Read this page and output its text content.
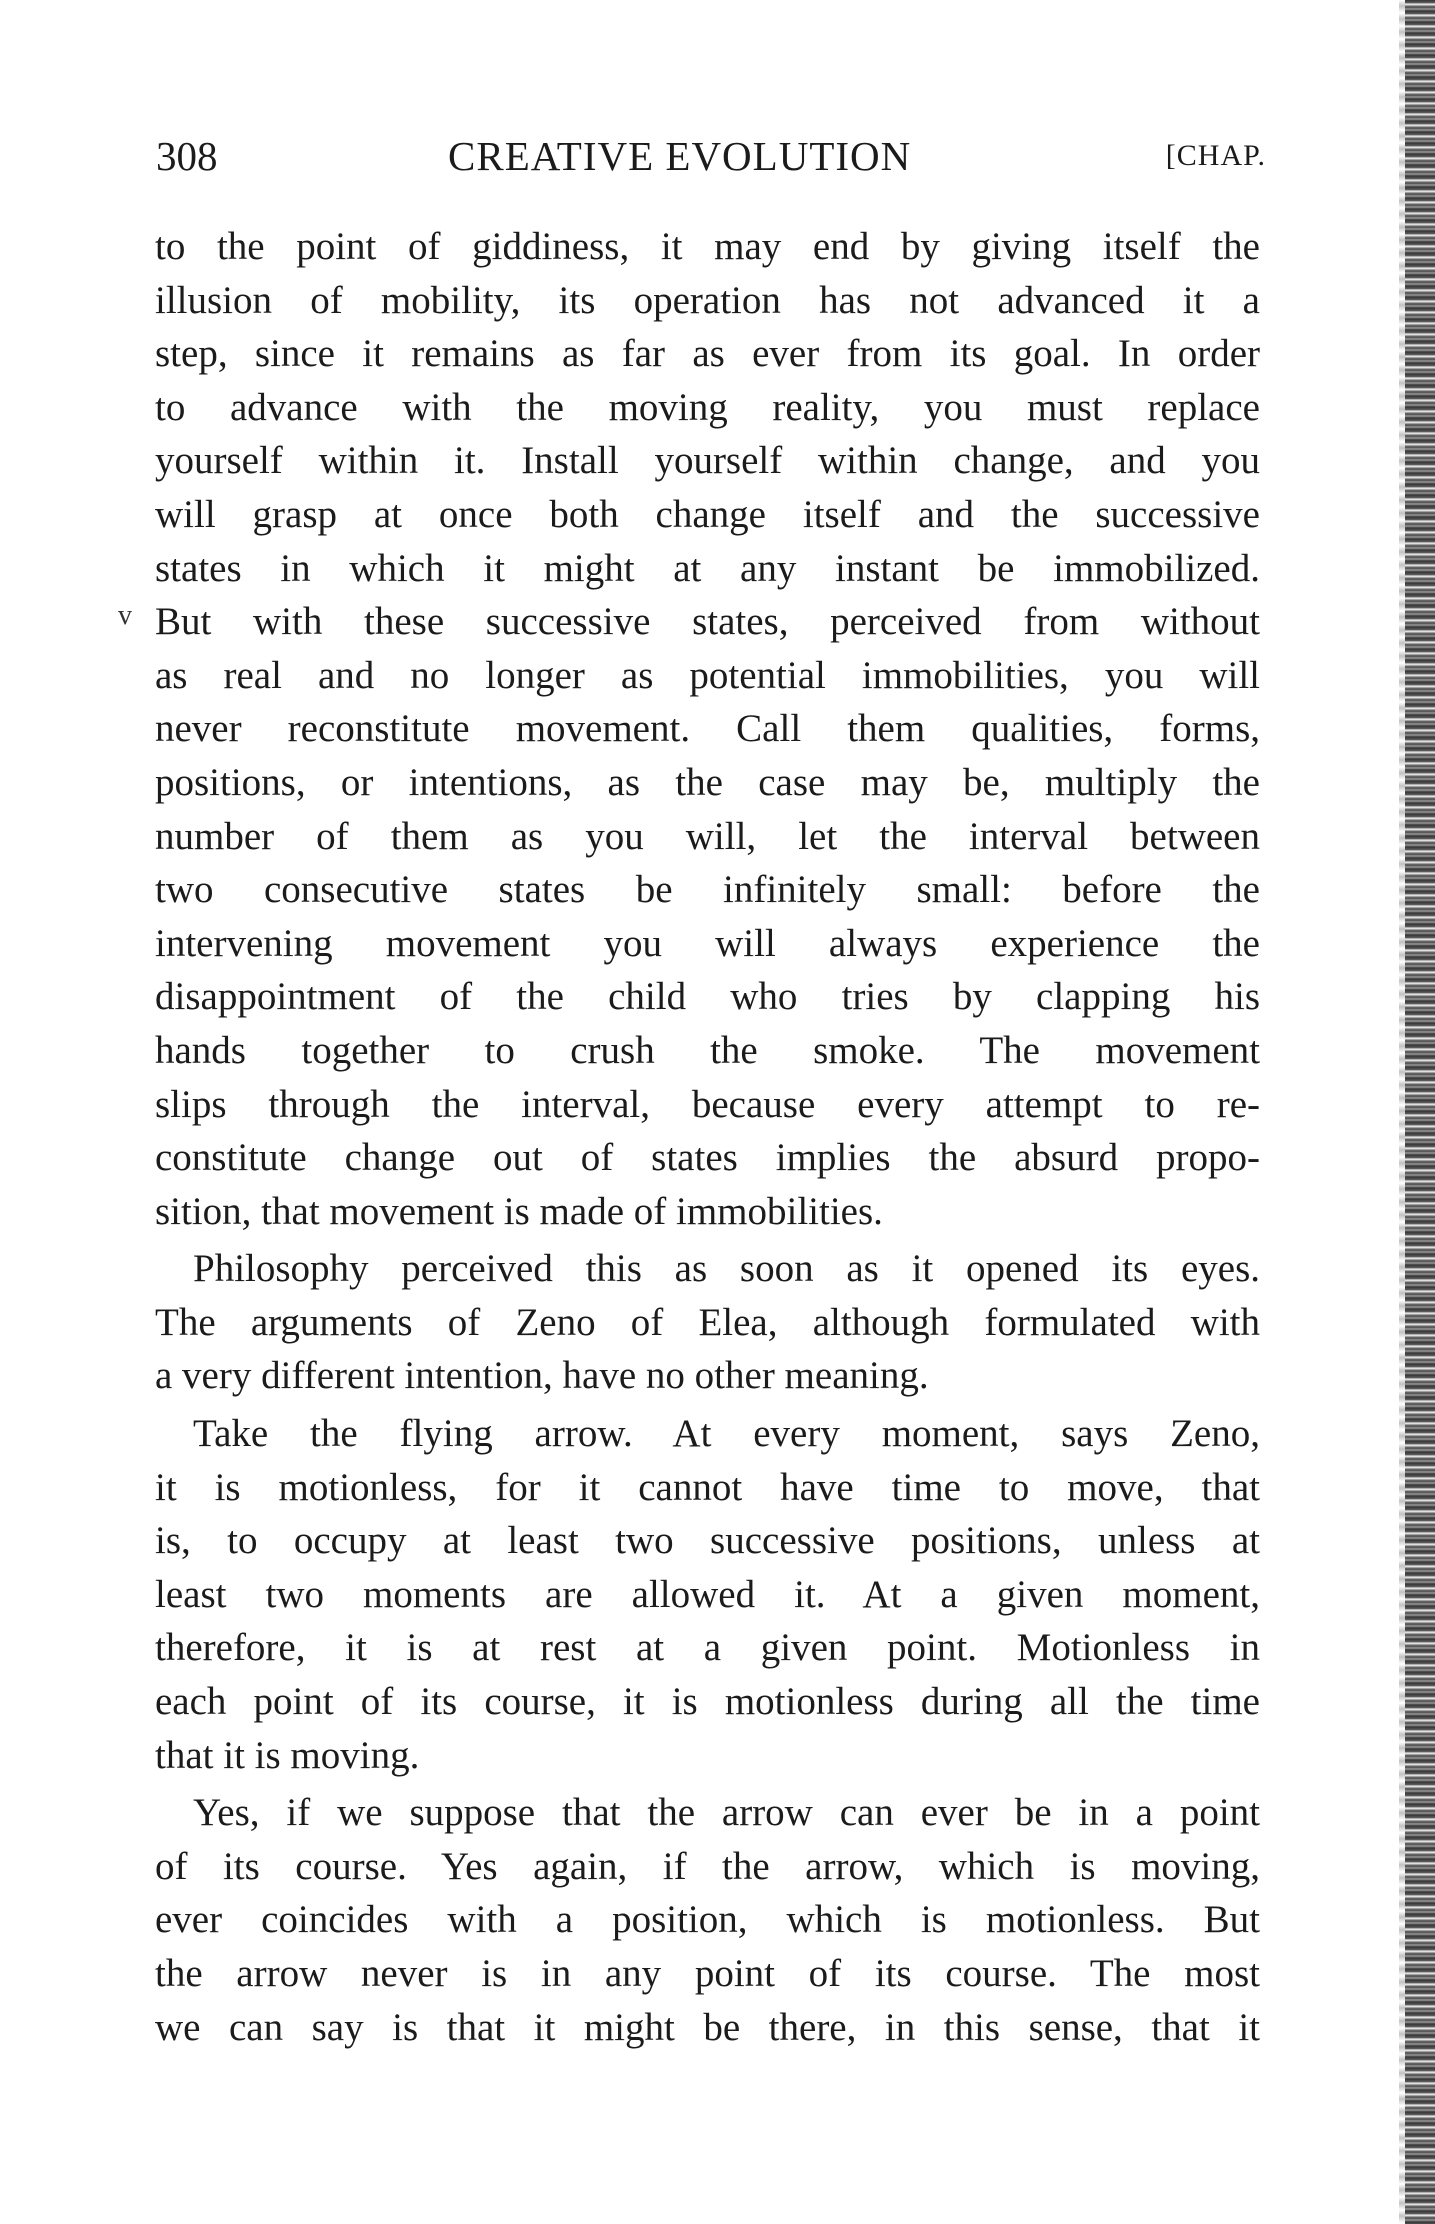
308	CREATIVE EVOLUTION	[CHAP.
v
to the point of giddiness, it may end by giving itself the
illusion of mobility, its operation has not advanced it a
step, since it remains as far as ever from its goal. In order
to advance with the moving reality, you must replace
yourself within it. Install yourself within change, and you
will grasp at once both change itself and the successive
states in which it might at any instant be immobilized.
But with these successive states, perceived from without
as real and no longer as potential immobilities, you will
never reconstitute movement. Call them qualities, forms,
positions, or intentions, as the case may be, multiply the
number of them as you will, let the interval between
two consecutive states be infinitely small: before the
intervening movement you will always experience the
disappointment of the child who tries by clapping his
hands together to crush the smoke. The movement
slips through the interval, because every attempt to re-
constitute change out of states implies the absurd propo-
sition, that movement is made of immobilities.
Philosophy perceived this as soon as it opened its eyes.
The arguments of Zeno of Elea, although formulated with
a very different intention, have no other meaning.
Take the flying arrow. At every moment, says Zeno,
it is motionless, for it cannot have time to move, that
is, to occupy at least two successive positions, unless at
least two moments are allowed it. At a given moment,
therefore, it is at rest at a given point. Motionless in
each point of its course, it is motionless during all the time
that it is moving.
Yes, if we suppose that the arrow can ever be in a point
of its course. Yes again, if the arrow, which is moving,
ever coincides with a position, which is motionless. But
the arrow never is in any point of its course. The most
we can say is that it might be there, in this sense, that it
